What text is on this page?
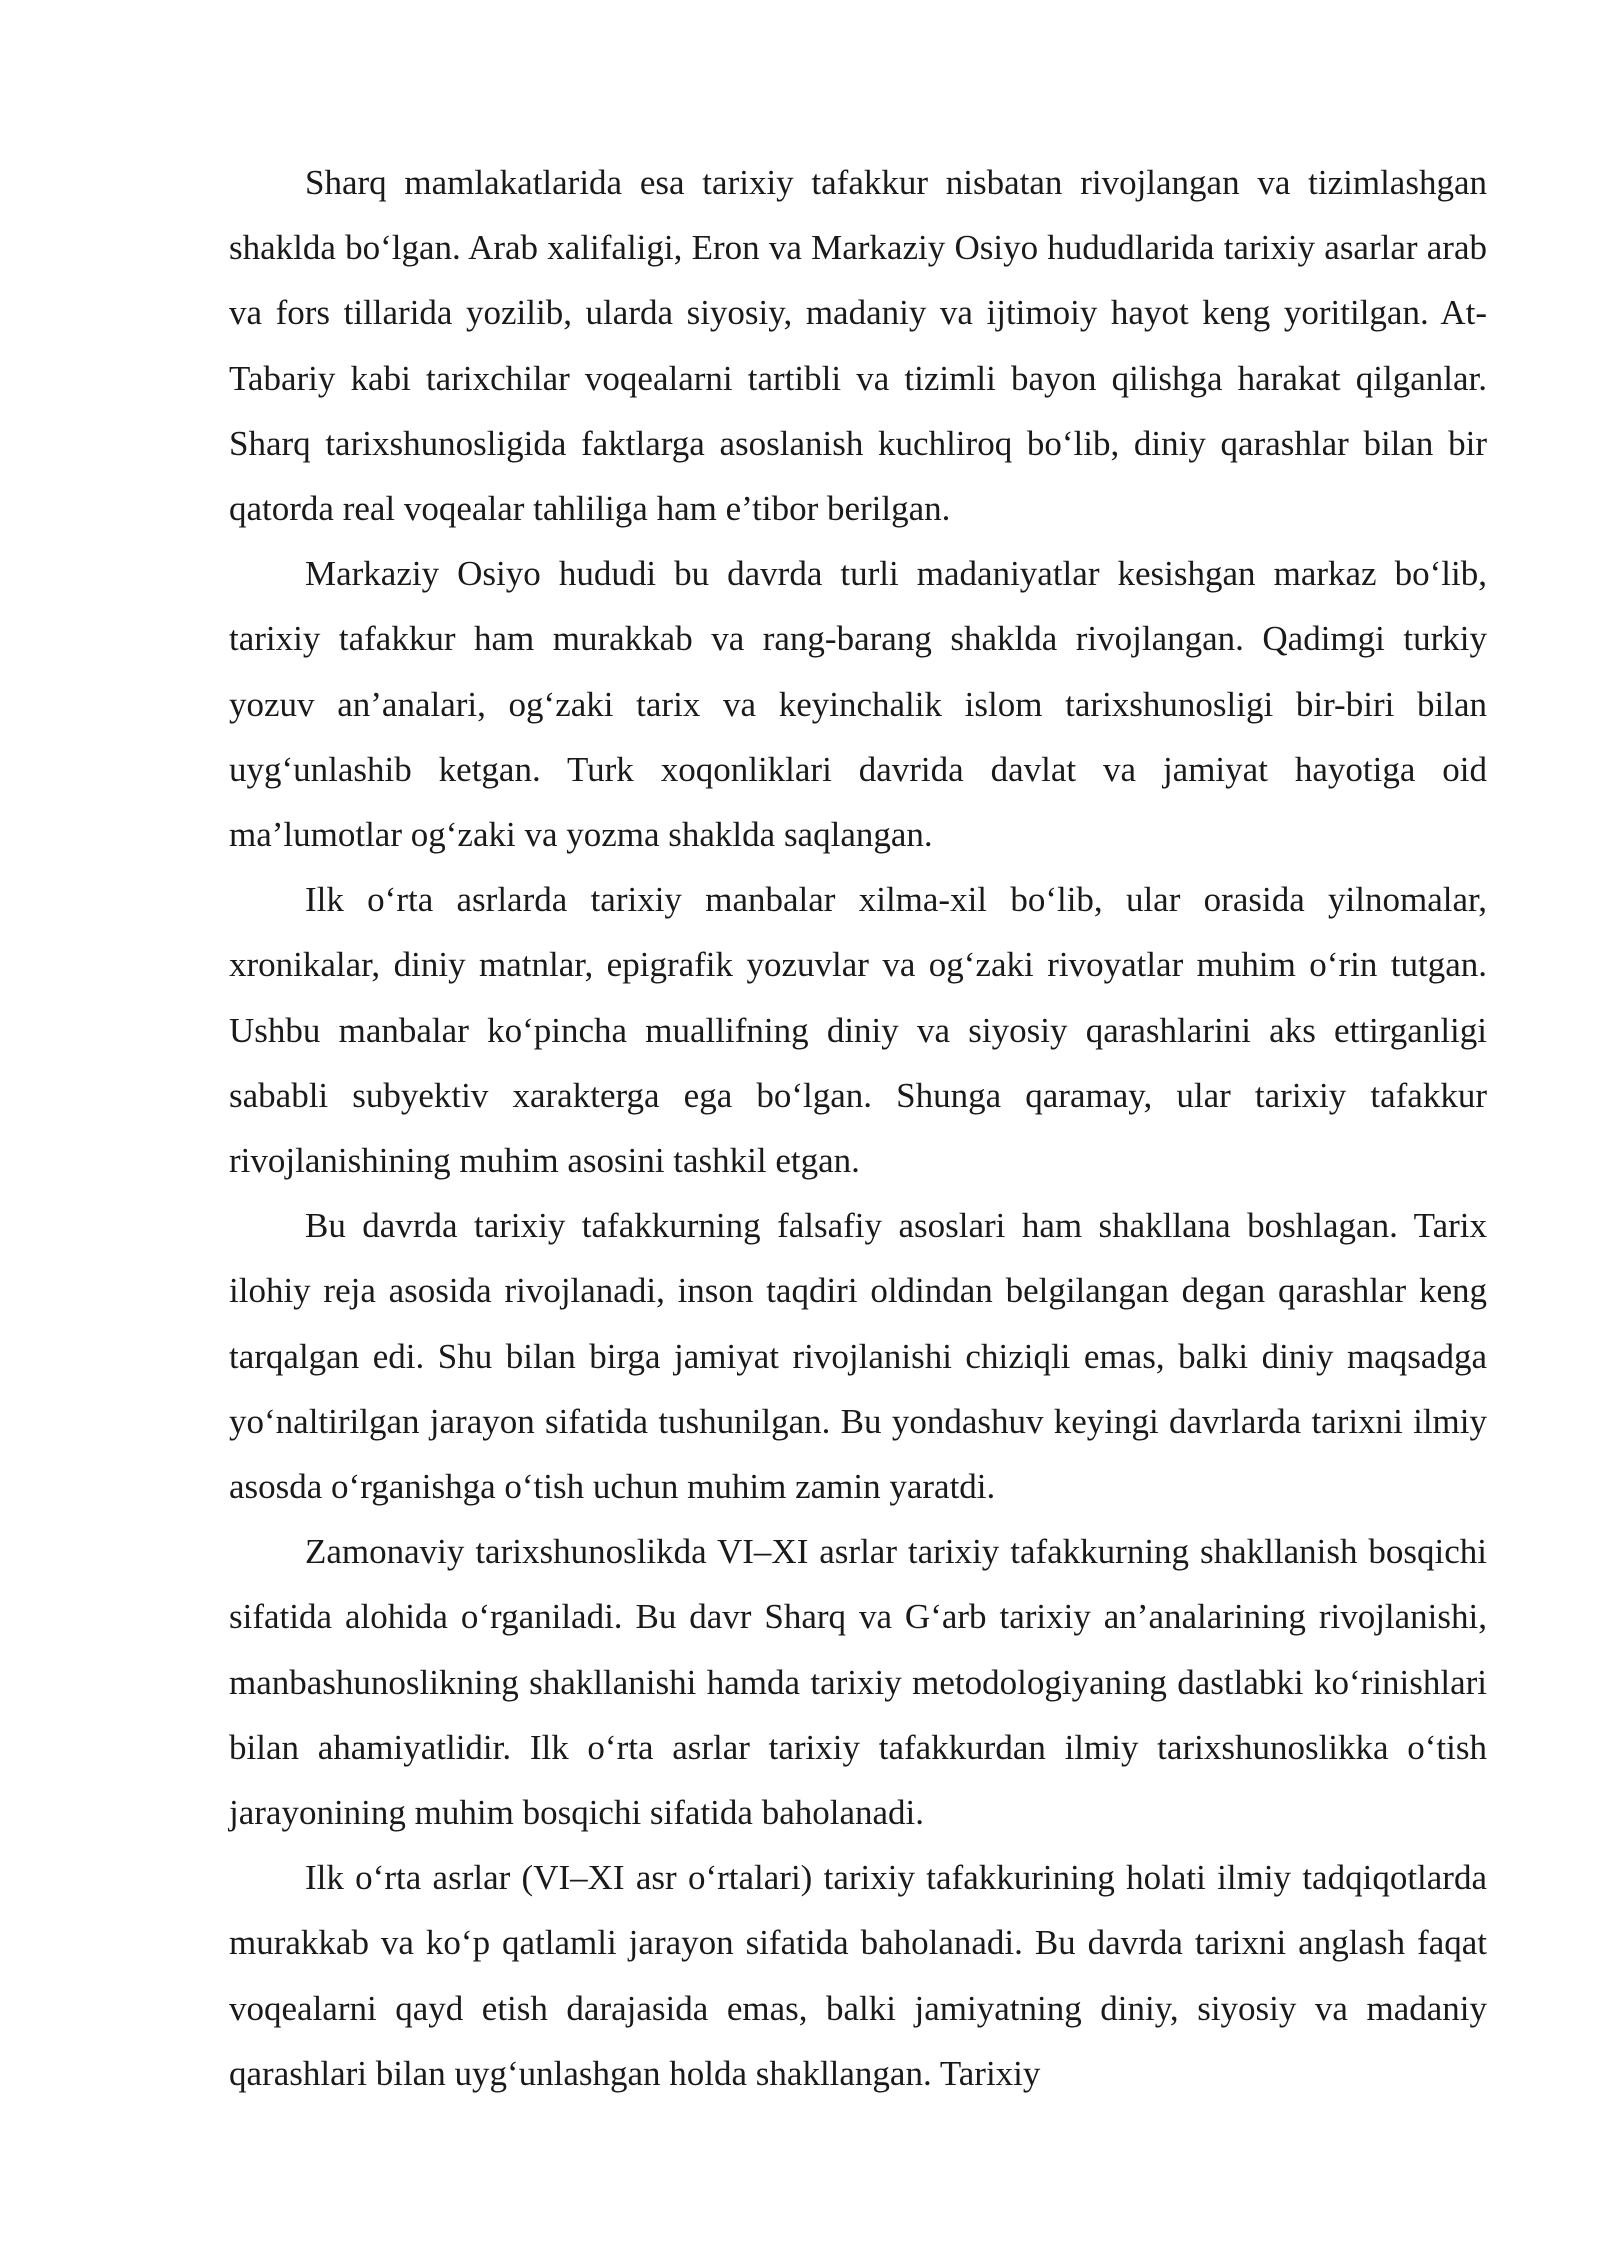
Sharq mamlakatlarida esa tarixiy tafakkur nisbatan rivojlangan va tizimlashgan shaklda bo‘lgan. Arab xalifaligi, Eron va Markaziy Osiyo hududlarida tarixiy asarlar arab va fors tillarida yozilib, ularda siyosiy, madaniy va ijtimoiy hayot keng yoritilgan. At-Tabariy kabi tarixchilar voqealarni tartibli va tizimli bayon qilishga harakat qilganlar. Sharq tarixshunosligida faktlarga asoslanish kuchliroq bo‘lib, diniy qarashlar bilan bir qatorda real voqealar tahliliga ham e’tibor berilgan.

Markaziy Osiyo hududi bu davrda turli madaniyatlar kesishgan markaz bo‘lib, tarixiy tafakkur ham murakkab va rang-barang shaklda rivojlangan. Qadimgi turkiy yozuv an’analari, og‘zaki tarix va keyinchalik islom tarixshunosligi bir-biri bilan uyg‘unlashib ketgan. Turk xoqonliklari davrida davlat va jamiyat hayotiga oid ma’lumotlar og‘zaki va yozma shaklda saqlangan.

Ilk o‘rta asrlarda tarixiy manbalar xilma-xil bo‘lib, ular orasida yilnomalar, xronikalar, diniy matnlar, epigrafik yozuvlar va og‘zaki rivoyatlar muhim o‘rin tutgan. Ushbu manbalar ko‘pincha muallifning diniy va siyosiy qarashlarini aks ettirganligi sababli subyektiv xarakterga ega bo‘lgan. Shunga qaramay, ular tarixiy tafakkur rivojlanishining muhim asosini tashkil etgan.

Bu davrda tarixiy tafakkurning falsafiy asoslari ham shakllana boshlagan. Tarix ilohiy reja asosida rivojlanadi, inson taqdiri oldindan belgilangan degan qarashlar keng tarqalgan edi. Shu bilan birga jamiyat rivojlanishi chiziqli emas, balki diniy maqsadga yo‘naltirilgan jarayon sifatida tushunilgan. Bu yondashuv keyingi davrlarda tarixni ilmiy asosda o‘rganishga o‘tish uchun muhim zamin yaratdi.

Zamonaviy tarixshunoslikda VI–XI asrlar tarixiy tafakkurning shakllanish bosqichi sifatida alohida o‘rganiladi. Bu davr Sharq va G‘arb tarixiy an’analarining rivojlanishi, manbashunoslikning shakllanishi hamda tarixiy metodologiyaning dastlabki ko‘rinishlari bilan ahamiyatlidir. Ilk o‘rta asrlar tarixiy tafakkurdan ilmiy tarixshunoslikka o‘tish jarayonining muhim bosqichi sifatida baholanadi.

Ilk o‘rta asrlar (VI–XI asr o‘rtalari) tarixiy tafakkurining holati ilmiy tadqiqotlarda murakkab va ko‘p qatlamli jarayon sifatida baholanadi. Bu davrda tarixni anglash faqat voqealarni qayd etish darajasida emas, balki jamiyatning diniy, siyosiy va madaniy qarashlari bilan uyg‘unlashgan holda shakllangan. Tarixiy
